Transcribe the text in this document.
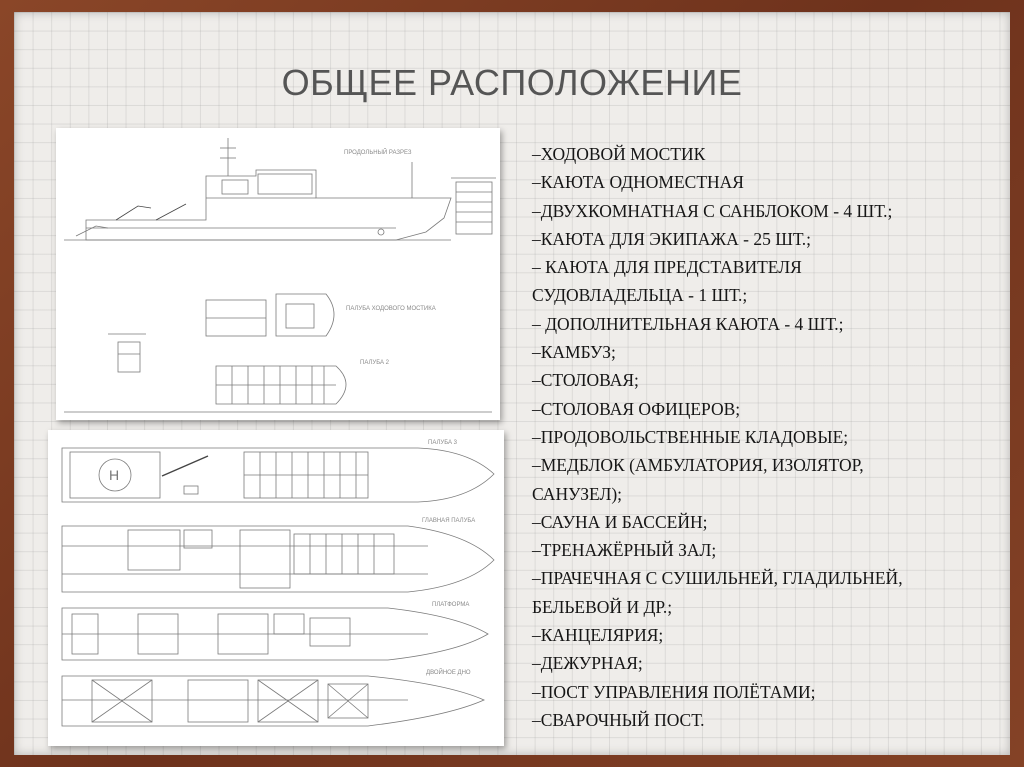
ОБЩЕЕ РАСПОЛОЖЕНИЕ
ПРОДОЛЬНЫЙ РАЗРЕЗ
ПАЛУБА ХОДОВОГО МОСТИКА
ПАЛУБА 2
H
ПАЛУБА 3
ГЛАВНАЯ ПАЛУБА
ПЛАТФОРМА
ДВОЙНОЕ ДНО
–ХОДОВОЙ МОСТИК
–КАЮТА ОДНОМЕСТНАЯ
–ДВУХКОМНАТНАЯ С САНБЛОКОМ - 4 ШТ.;
–КАЮТА ДЛЯ ЭКИПАЖА - 25 ШТ.;
– КАЮТА ДЛЯ ПРЕДСТАВИТЕЛЯ
СУДОВЛАДЕЛЬЦА - 1 ШТ.;
– ДОПОЛНИТЕЛЬНАЯ КАЮТА - 4 ШТ.;
–КАМБУЗ;
–СТОЛОВАЯ;
–СТОЛОВАЯ ОФИЦЕРОВ;
–ПРОДОВОЛЬСТВЕННЫЕ КЛАДОВЫЕ;
–МЕДБЛОК (АМБУЛАТОРИЯ, ИЗОЛЯТОР,
САНУЗЕЛ);
–САУНА И БАССЕЙН;
–ТРЕНАЖЁРНЫЙ ЗАЛ;
–ПРАЧЕЧНАЯ С СУШИЛЬНЕЙ, ГЛАДИЛЬНЕЙ,
БЕЛЬЕВОЙ И ДР.;
–КАНЦЕЛЯРИЯ;
–ДЕЖУРНАЯ;
–ПОСТ УПРАВЛЕНИЯ ПОЛЁТАМИ;
–СВАРОЧНЫЙ ПОСТ.
